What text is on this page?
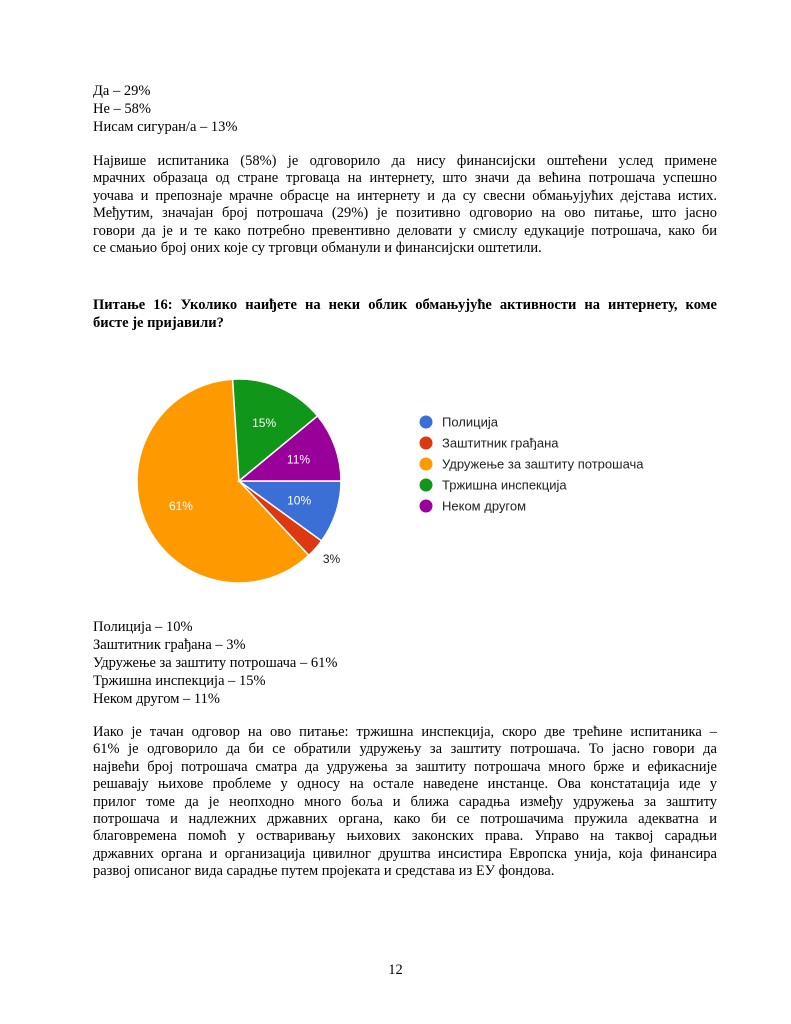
Да – 29%
Не – 58%
Нисам сигуран/а – 13%
Највише испитаника (58%) је одговорило да нису финансијски оштећени услед примене
мрачних образаца од стране трговаца на интернету, што значи да већина потрошача успешно
уочава и препознаје мрачне обрасце на интернету и да су свесни обмањујућих дејстава истих.
Међутим, значајан број потрошача (29%) је позитивно одговорио на ово питање, што јасно
говори да је и те како потребно превентивно деловати у смислу едукације потрошача, како би
се смањио број оних које су трговци обманули и финансијски оштетили.
Питање 16: Уколико наиђете на неки облик обмањујуће активности на интернету, коме
бисте је пријавили?
10%
3%
61%
15%
11%
Полиција
Заштитник грађана
Удружење за заштиту потрошача
Тржишна инспекција
Неком другом
Полиција – 10%
Заштитник грађана – 3%
Удружење за заштиту потрошача – 61%
Тржишна инспекција – 15%
Неком другом – 11%
Иако је тачан одговор на ово питање: тржишна инспекција, скоро две трећине испитаника –
61% је одговорило да би се обратили удружењу за заштиту потрошача. То јасно говори да
највећи број потрошача сматра да удружења за заштиту потрошача много брже и ефикасније
решавају њихове проблеме у односу на остале наведене инстанце. Ова констатација иде у
прилог томе да је неопходно много боља и ближа сарадња између удружења за заштиту
потрошача и надлежних државних органа, како би се потрошачима пружила адекватна и
благовремена помоћ у остваривању њихових законских права. Управо на таквој сарадњи
државних органа и организација цивилног друштва инсистира Европска унија, која финансира
развој описаног вида сарадње путем пројеката и средстава из ЕУ фондова.
12
